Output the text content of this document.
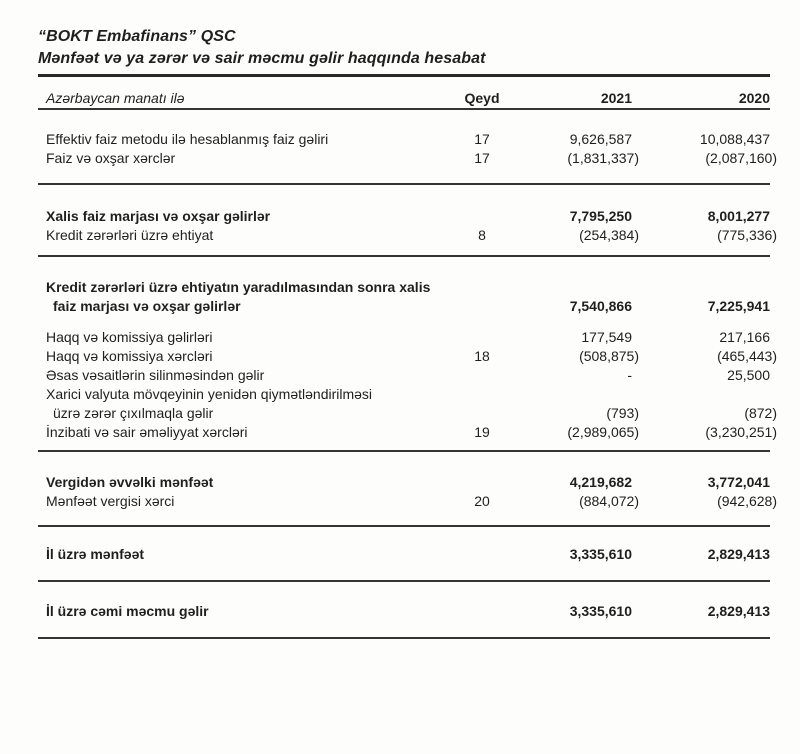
“BOKT Embafinans” QSC
Mənfəət və ya zərər və sair məcmu gəlir haqqında hesabat
Azərbaycan manatı ilə	Qeyd	2021	2020
Effektiv faiz metodu ilə hesablanmış faiz gəliri	17	9,626,587	10,088,437
Faiz və oxşar xərclər	17	(1,831,337)	(2,087,160)
Xalis faiz marjası və oxşar gəlirlər	7,795,250	8,001,277
Kredit zərərləri üzrə ehtiyat	8	(254,384)	(775,336)
Kredit zərərləri üzrə ehtiyatın yaradılmasından sonra xalis
faiz marjası və oxşar gəlirlər	7,540,866	7,225,941
Haqq və komissiya gəlirləri	177,549	217,166
Haqq və komissiya xərcləri	18	(508,875)	(465,443)
Əsas vəsaitlərin silinməsindən gəlir	-	25,500
Xarici valyuta mövqeyinin yenidən qiymətləndirilməsi
üzrə zərər çıxılmaqla gəlir	(793)	(872)
İnzibati və sair əməliyyat xərcləri	19	(2,989,065)	(3,230,251)
Vergidən əvvəlki mənfəət	4,219,682	3,772,041
Mənfəət vergisi xərci	20	(884,072)	(942,628)
İl üzrə mənfəət	3,335,610	2,829,413
İl üzrə cəmi məcmu gəlir	3,335,610	2,829,413
